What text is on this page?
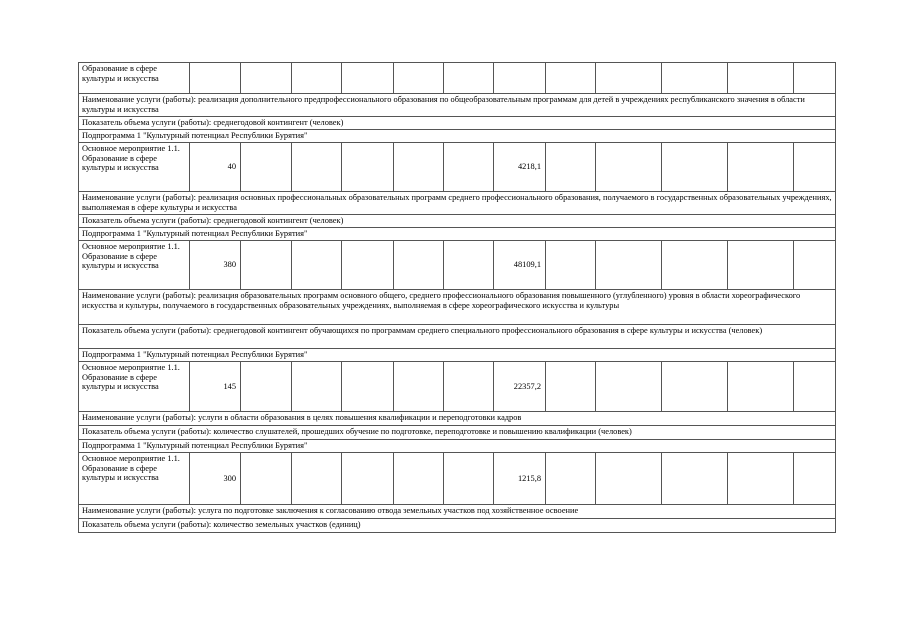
Образование в сфере культуры и искусства												
Наименование услуги (работы): реализация дополнительного предпрофессионального образования по общеобразовательным программам для детей в учреждениях республиканского значения в области культуры и искусства												
Показатель объема услуги (работы): среднегодовой контингент (человек)												
Подпрограмма 1 "Культурный потенциал Республики Бурятия"												
Основное мероприятие 1.1. Образование в сфере культуры и искусства	40						4218,1					
Наименование услуги (работы): реализация основных профессиональных образовательных программ среднего профессионального образования, получаемого в государственных образовательных учреждениях, выполняемая в сфере культуры и искусства												
Показатель объема услуги (работы): среднегодовой контингент (человек)												
Подпрограмма 1 "Культурный потенциал Республики Бурятия"												
Основное мероприятие 1.1. Образование в сфере культуры и искусства	380						48109,1					
Наименование услуги (работы): реализация образовательных программ основного общего, среднего профессионального образования повышенного (углубленного) уровня в области хореографического искусства и культуры, получаемого в государственных образовательных учреждениях, выполняемая в сфере хореографического искусства и культуры												
Показатель объема услуги (работы): среднегодовой контингент обучающихся по программам среднего специального профессионального образования в сфере культуры и искусства (человек)												
Подпрограмма 1 "Культурный потенциал Республики Бурятия"												
Основное мероприятие 1.1. Образование в сфере культуры и искусства	145						22357,2					
Наименование услуги (работы): услуги в области образования в целях повышения квалификации и переподготовки кадров												
Показатель объема услуги (работы): количество слушателей, прошедших обучение по подготовке, переподготовке и повышению квалификации (человек)												
Подпрограмма 1 "Культурный потенциал Республики Бурятия"												
Основное мероприятие 1.1. Образование в сфере культуры и искусства	300						1215,8					
Наименование услуги (работы): услуга по подготовке заключения к согласованию отвода земельных участков под хозяйственное освоение												
Показатель объема услуги (работы): количество земельных участков (единиц)												
